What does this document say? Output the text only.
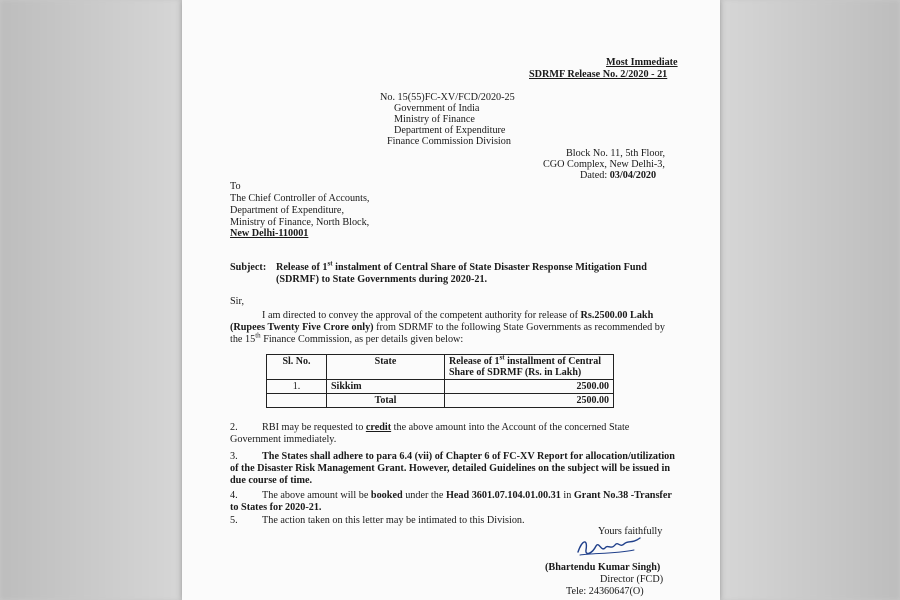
Most Immediate
SDRMF Release No. 2/2020 - 21
No. 15(55)FC-XV/FCD/2020-25
Government of India
Ministry of Finance
Department of Expenditure
Finance Commission Division
Block No. 11, 5th Floor,
CGO Complex, New Delhi-3,
Dated: 03/04/2020
To
The Chief Controller of Accounts,
Department of Expenditure,
Ministry of Finance, North Block,
New Delhi-110001
Subject: Release of 1st instalment of Central Share of State Disaster Response Mitigation Fund
(SDRMF) to State Governments during 2020-21.
Sir,
I am directed to convey the approval of the competent authority for release of Rs.2500.00 Lakh
(Rupees Twenty Five Crore only) from SDRMF to the following State Governments as recommended by
the 15th Finance Commission, as per details given below:
Sl. No.	State	Release of 1st installment of Central
Share of SDRMF (Rs. in Lakh)
1.	Sikkim	2500.00
	Total	2500.00
2. RBI may be requested to credit the above amount into the Account of the concerned State
Government immediately.
3. The States shall adhere to para 6.4 (vii) of Chapter 6 of FC-XV Report for allocation/utilization
of the Disaster Risk Management Grant. However, detailed Guidelines on the subject will be issued in
due course of time.
4. The above amount will be booked under the Head 3601.07.104.01.00.31 in Grant No.38 -Transfer
to States for 2020-21.
5. The action taken on this letter may be intimated to this Division.
Yours faithfully
(Bhartendu Kumar Singh)
Director (FCD)
Tele: 24360647(O)
